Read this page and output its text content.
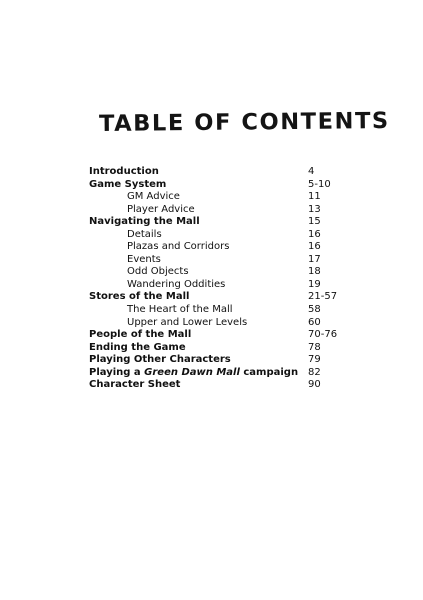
TABLE OF CONTENTS
Introduction	4
Game System	5-10
GM Advice	11
Player Advice	13
Navigating the Mall	15
Details	16
Plazas and Corridors	16
Events	17
Odd Objects	18
Wandering Oddities	19
Stores of the Mall	21-57
The Heart of the Mall	58
Upper and Lower Levels	60
People of the Mall	70-76
Ending the Game	78
Playing Other Characters	79
Playing a Green Dawn Mall campaign 82
Character Sheet	90
